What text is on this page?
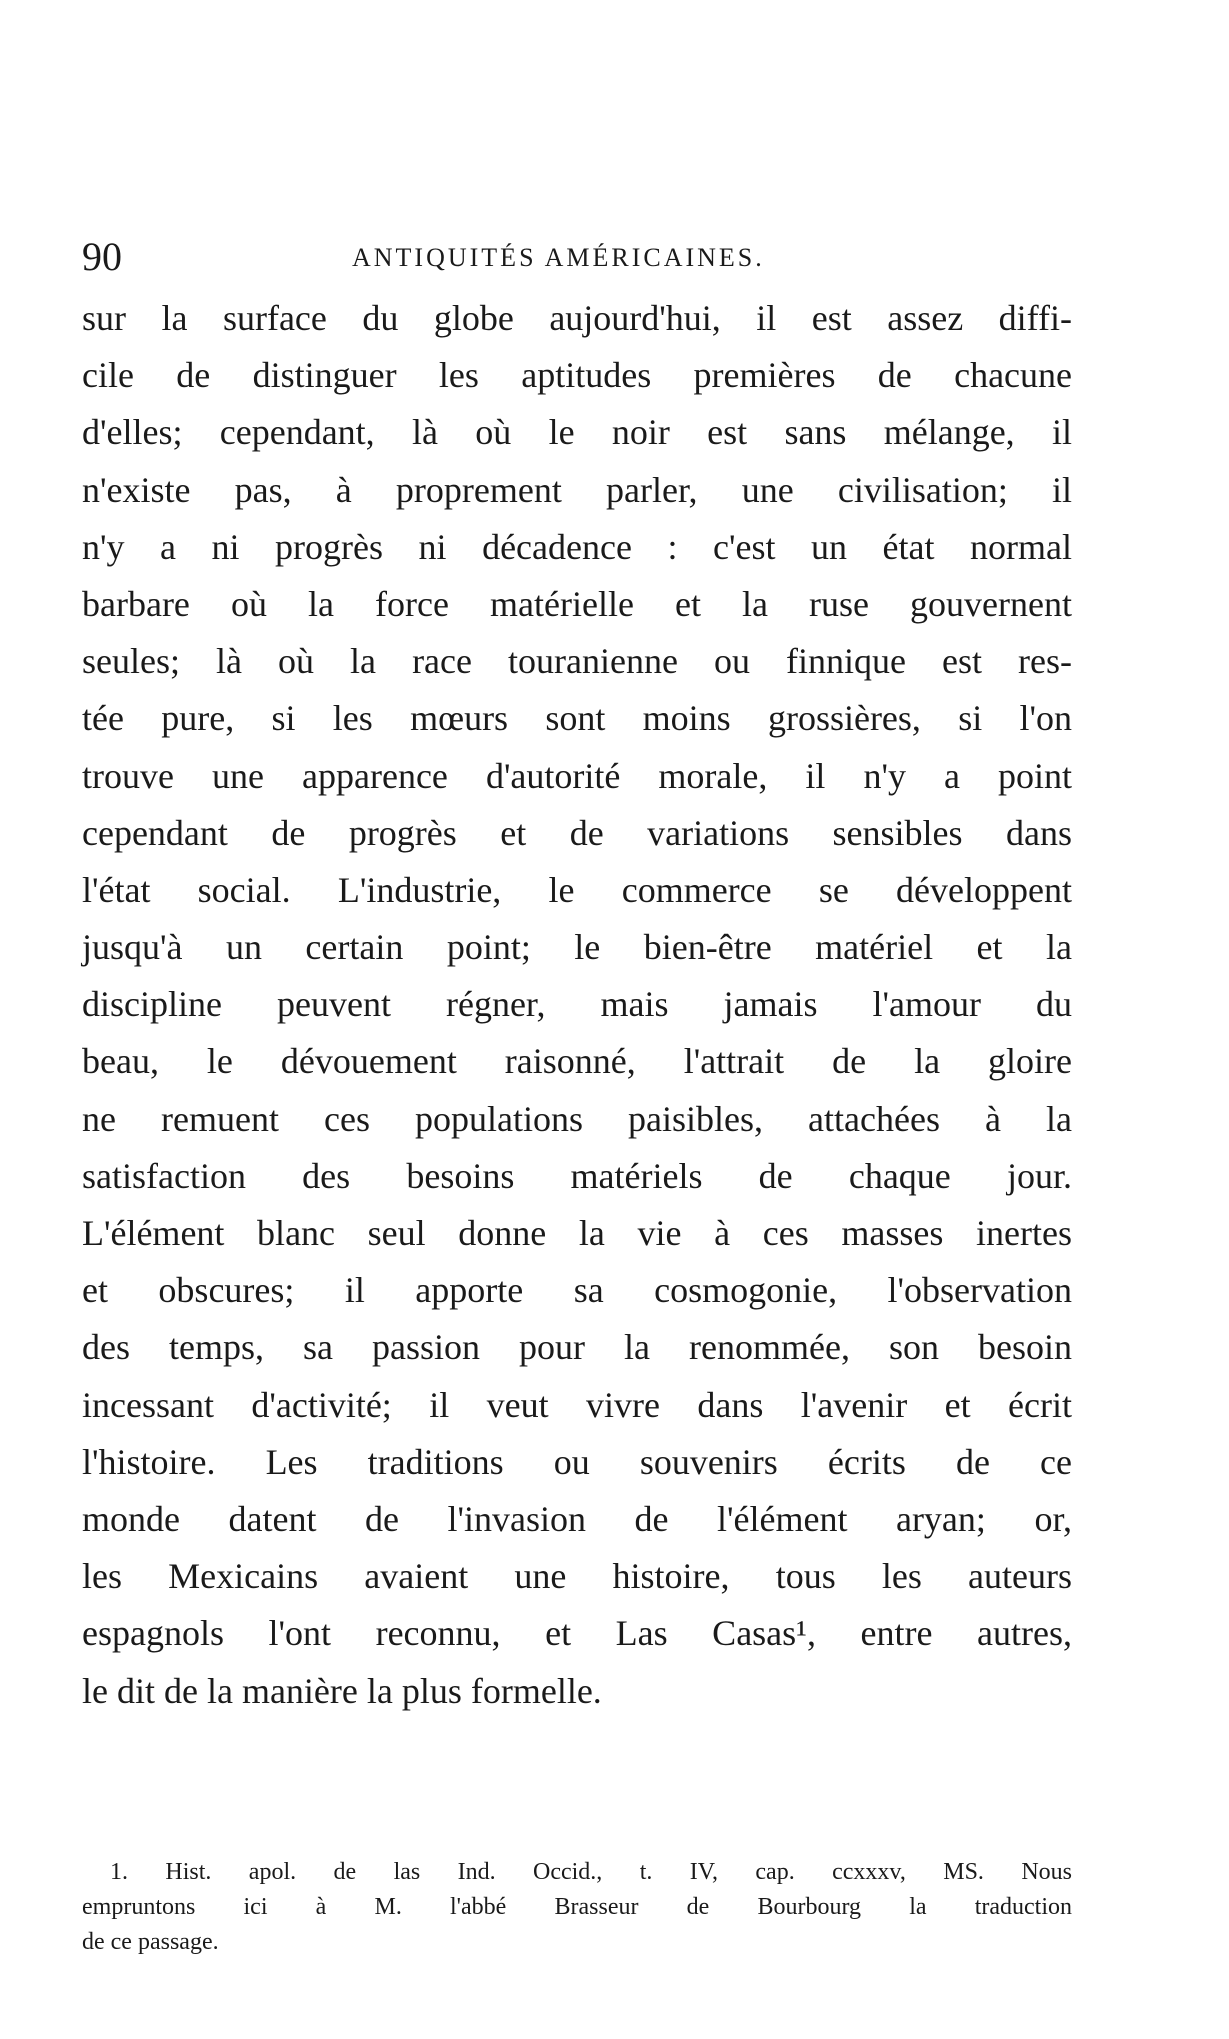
90	ANTIQUITÉS AMÉRICAINES.
sur la surface du globe aujourd'hui, il est assez diffi-
cile de distinguer les aptitudes premières de chacune
d'elles; cependant, là où le noir est sans mélange, il
n'existe pas, à proprement parler, une civilisation; il
n'y a ni progrès ni décadence : c'est un état normal
barbare où la force matérielle et la ruse gouvernent
seules; là où la race touranienne ou finnique est res-
tée pure, si les mœurs sont moins grossières, si l'on
trouve une apparence d'autorité morale, il n'y a point
cependant de progrès et de variations sensibles dans
l'état social. L'industrie, le commerce se développent
jusqu'à un certain point; le bien-être matériel et la
discipline peuvent régner, mais jamais l'amour du
beau, le dévouement raisonné, l'attrait de la gloire
ne remuent ces populations paisibles, attachées à la
satisfaction des besoins matériels de chaque jour.
L'élément blanc seul donne la vie à ces masses inertes
et obscures; il apporte sa cosmogonie, l'observation
des temps, sa passion pour la renommée, son besoin
incessant d'activité; il veut vivre dans l'avenir et écrit
l'histoire. Les traditions ou souvenirs écrits de ce
monde datent de l'invasion de l'élément aryan; or,
les Mexicains avaient une histoire, tous les auteurs
espagnols l'ont reconnu, et Las Casas¹, entre autres,
le dit de la manière la plus formelle.
1. Hist. apol. de las Ind. Occid., t. IV, cap. ccxxxv, MS. Nous
empruntons ici à M. l'abbé Brasseur de Bourbourg la traduction
de ce passage.
